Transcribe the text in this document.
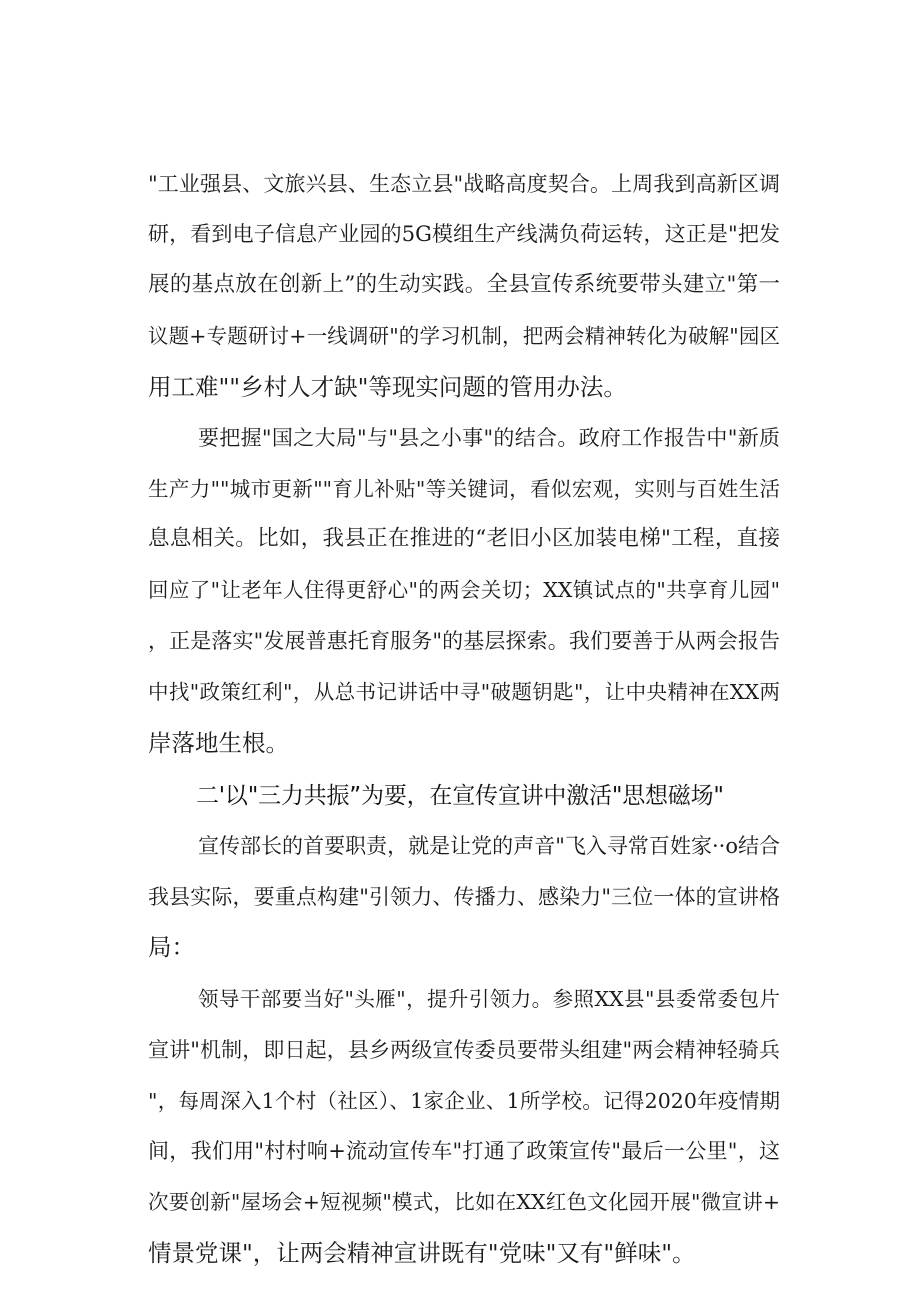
"工业强县、文旅兴县、生态立县"战略高度契合。上周我到高新区调
研，看到电子信息产业园的5G模组生产线满负荷运转，这正是"把发
展的基点放在创新上”的生动实践。全县宣传系统要带头建立"第一
议题+专题研讨+一线调研"的学习机制，把两会精神转化为破解"园区
用工难""乡村人才缺"等现实问题的管用办法。
要把握"国之大局"与"县之小事"的结合。政府工作报告中"新质
生产力""城市更新""育儿补贴"等关键词，看似宏观，实则与百姓生活
息息相关。比如，我县正在推进的“老旧小区加装电梯"工程，直接
回应了"让老年人住得更舒心"的两会关切；XX镇试点的"共享育儿园"
，正是落实"发展普惠托育服务"的基层探索。我们要善于从两会报告
中找"政策红利"，从总书记讲话中寻"破题钥匙"，让中央精神在XX两
岸落地生根。
二'以"三力共振”为要，在宣传宣讲中激活"思想磁场"
宣传部长的首要职责，就是让党的声音"飞入寻常百姓家··o结合
我县实际，要重点构建"引领力、传播力、感染力"三位一体的宣讲格
局：
领导干部要当好"头雁"，提升引领力。参照XX县"县委常委包片
宣讲"机制，即日起，县乡两级宣传委员要带头组建"两会精神轻骑兵
"，每周深入1个村（社区）、1家企业、1所学校。记得2020年疫情期
间，我们用"村村响+流动宣传车"打通了政策宣传"最后一公里"，这
次要创新"屋场会+短视频"模式，比如在XX红色文化园开展"微宣讲+
情景党课"，让两会精神宣讲既有"党味"又有"鲜味"。
